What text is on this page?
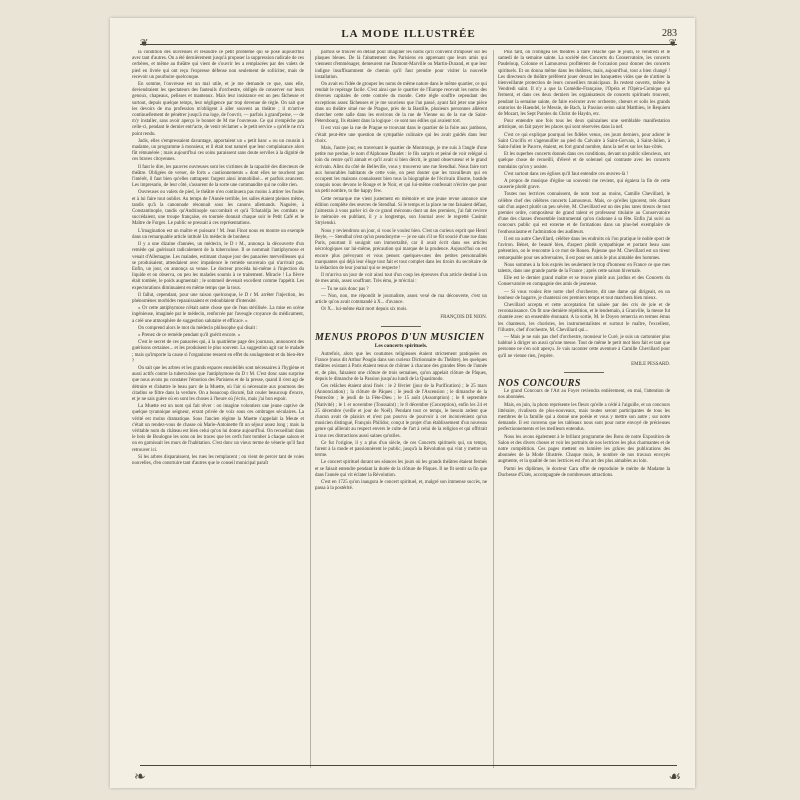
LA MODE ILLUSTRÉE	283
❦	❦

la condition des ouvreuses et résoudre ce petit problème qui se pose aujourd'hui avec tant d'autres. On a été dernièrement jusqu'à proposer la suppression radicale de ces cerbères, et même au théâtre qui vient de s'ouvrir les a remplacées par des valets de pied en livrée qui ont reçu l'expresse défense non seulement de solliciter, mais de recevoir un pourboire quelconque.

En somme, l'ouvreuse est un mal utile, et je me demande ce que, sans elle, deviendraient les spectateurs des fauteuils d'orchestre, obligés de conserver sur leurs genoux, chapeaux, pelisses et manteaux. Mais leur insistance est un peu fâcheuse et surtout, depuis quelque temps, leur négligence par trop devenue de règle. On sait que les devoirs de ma profession m'obligent à aller souvent au théâtre ; il m'arrive continuellement de pénétrer jusqu'à ma loge, de l'ouvrir, — parfois à grand'peine, — de m'y installer, sans avoir aperçu le bonnet de M me l'ouvreuse. Ce qui n'empêche pas celle-ci, pendant le dernier entr'acte, de venir réclamer « le petit service » qu'elle ne m'a point rendu.

Jadis, elles s'empressaient davantage, apportaient un « petit banc » ou un coussin à madame, un programme à monsieur, et il était tout naturel que leur complaisance alors fût rémunérée ; mais aujourd'hui ces soins paraissent sans doute serviles à la dignité de ces braves citoyennes.

Il faut le dire, les pauvres ouvreuses sont les victimes de la rapacité des directeurs de théâtre. Obligées de verser, de forts « cautionnements » dont elles ne touchent pas l'intérêt, il faut bien qu'elles rattrapent l'argent ainsi immobilisé... et parfois avancent. Les impresario, de leur côté, s'assurent de la sorte une commandite qui ne coûte rien.

Ouvreuses ou valets de pied, le théâtre n'en continuera pas moins à attirer les foules et à lui faire tout oublier. Au temps de l'Année terrible, les salles étaient pleines même, tandis qu'à la canonnade résonnait sous les canons allemands. Naguère, à Constantinople, tandis qu'Andrinople succombait et qu'à Tchataldja les combats se succédaient, une troupe française, en tournée donnait chaque soir le Petit Café et le Maître de Forges. Le public se pressait à ces représentations.

L'imagination est un maître et puissant ! M. Jean Finot nous en montre un exemple dans un remarquable article intitulé Un médecin de bonheur.

Il y a une dizaine d'années, un médecin, le D r M., annonça la découverte d'un remède qui guérissait radicalement de la tuberculose. Il se nommait l'antiphymose et venait d'Allemagne. Les malades, estimant chaque jour des panacées merveilleuses qui se produisaient, attendaient avec impatience le remède souverain qui n'arrivait pas. Enfin, un jour, on annonça sa venue. Le docteur procéda lui-même à l'injection du liquide et on observa, on peu les malades soumis à ce traitement. Miracle ! La fièvre était tombée, le poids augmentait ; le sommeil devenait excellent comme l'appétit. Les expectorations diminuaient en même temps que la toux.

Il fallut, cependant, pour une raison quelconque, le D r M. arrêter l'injection, les phénomènes morbides reparaissaient et redoublaient d'intensité.

« Or cette antiphymose n'était autre chose que de l'eau stérilisée. La mise en scène ingénieuse, imaginée par le médecin, renforcée par l'aveugle croyance du médicament, a créé une atmosphère de suggestion salutaire et efficace. »

On comprend alors le mot du médecin philosophe qui disait :

« Prenez de ce remède pendant qu'il guérit encore. »

C'est le secret de ces panacées qui, à la quatrième page des journaux, annoncent des guérisons certaines... et les produisent le plus souvent. La suggestion agit sur le malade ; mais qu'importe la cause si l'organisme ressent en effet du soulagement et du bien-être ?

On sait que les arbres et les grands espaces ensoleillés sont nécessaires à l'hygiène et aussi actifs contre la tuberculose que l'antiphymose du D r M. C'est donc sans surprise que nous avons pu constater l'émotion des Parisiens et de la presse, quand il s'est agi de détruire et d'abattre le beau parc de la Muette, où l'air si nécessaire aux poumons des citadins se filtre dans la verdure. On a beaucoup discuté, fait couler beaucoup d'encre, et je ne sais guère où en sont les choses à l'heure où j'écris, mais j'ai bon espoir.

La Muette est un nom qui fait rêver : on imagine volontiers une jeune captive de quelque tyrannique seigneur, errant privée de voix sous ces ombrages séculaires. La vérité est moins dramatique. Sous l'ancien régime la Muette s'appelait la Meute et c'était un rendez-vous de chasse où Marie-Antoinette fit un séjour assez long ; mais la véritable nom du château est bien celui qu'on lui donne aujourd'hui. On recueillait dans le bois de Boulogne les sons on les traces que les cerfs font tomber à chaque saison et on en garnissait les murs de l'habitation. C'est donc un vieux terme de vénerie qu'il faut retrouver ici.

Si les arbres disparaissent, les rues les remplacent ; on vient de percer tant de voies nouvelles, d'en construire tant d'autres que le conseil municipal paraît

parfois se trouver en défaut pour imaginer les noms qu'il convient d'imposer sur les plaques bleues. De là l'abattement des Parisiens en apprenant que leurs amis qui viennent d'emménager, demeurent rue Dumont-Marville ou Martin-Durand, et que leur indigne insuffisamment de chemin qu'il faut prendre pour visiter la nouvelle installation.

On avait eu l'idée de grouper les noms de même nature dans le même quartier, ce qui rendait le repérage facile. C'est ainsi que le quartier de l'Europe recevait les noms des diverses capitales de cette contrée du monde. Cette règle souffre cependant des exceptions assez fâcheuses et je me souviens que l'an passé, ayant fait jeter une pièce dans un théâtre situé rue de Prague, près de la Bastille, plusieurs personnes allèrent chercher cette salle dans les environs de la rue de Vienne ou de la rue de Saint-Pétersbourg. Ils étaient dans la logique : ce sont nos édiles qui avaient tort.

Il est vrai que la rue de Prague se trouvant dans le quartier de la foire aux jambons, c'était peut-être une question de sympathie culinaire qui les avait guidés dans leur choix.

Mais, l'autre jour, en traversant le quartier de Montrouge, je me suis à l'angle d'une petite rue perdue, le nom d'Alphonse Daudet : le fils surpris et peiné de voir relégué si loin du centre qu'il aimait et qu'il avait si bien décrit, le grand observateur et le grand écrivain. Allez du côté de Belleville, vous y trouverez une rue Stendhal. Nous faire tort aux honorables habitants de cette voie, on peut douter que les travailleurs qui en occupent les maisons connaissent bien tous la biographie de l'écrivain illustre, bastide conquis nous devons le Rouge et le Noir, et qui lui-même confessait n'écrire que pour un petit nombre, to the happy few.

Cette remarque me vient justement en mémoire et une jeune revue annonce une édition complète des œuvres de Stendhal. Si le temps et la place ne me faisaient défaut, j'aimerais à vous parler ici de ce grand méconnu dont un des premiers, j'ai fait revivre le mémoire en publiant, il y a longtemps, son Journal avec le regretté Casimir Stryienski.

Nous y reviendrons un jour, si vous le voulez bien. C'est un curieux esprit que Henri Beyle, — Stendhal n'est qu'un pseudonyme — je ne sais s'il se fût soucié d'une rue dans Paris, pourtant il souignit son immortalité, car il avait écrit dans ses articles nécrologiques sur lui-même, précaution qui marque de la prudence. Aujourd'hui on est encore plus prévoyant et vous pensez quelques-unes des petites personnalités marquantes qui déjà leur éloge tout fait et tout complet dans les tiroirs du secrétaire de la rédaction de leur journal qui se respecte !

Il m'arriva un jour de voir ainsi tout d'un coup les épreuves d'un article destiné à un de mes amis, assez souffrant. Très ému, je m'écriai :

— Tu ne sais donc pas ?

— Non, non, me répondit le journaliste, assez vexé de ma découverte, c'est un article qu'on avait commandé à X... d'avance.

Or X... lui-même était mort depuis six mois.

FRANÇOIS DE NION.
MENUS PROPOS D'UN MUSICIEN
Les concerts spirituels.

Autrefois, alors que les coutumes religieuses étaient strictement pratiquées en France (nous dit Arthur Pougin dans son curieux Dictionnaire du Théâtre), les quelques théâtres existant à Paris étaient tenus de chômer à chacune des grandes fêtes de l'année et, de plus, faisaient une clôture de trois semaines, qu'on appelait clôture de Pâques, depuis le dimanche de la Passion jusqu'au lundi de la Quasimodo.

Ces relâches étaient ainsi fixés : le 2 février (jour de la Purification) ; le 25 mars (Annonciation) ; la clôture de Pâques ; le jeudi de l'Ascension ; le dimanche de la Pentecôte ; le jeudi de la Fête-Dieu ; le 15 août (Assomption) ; le 8 septembre (Nativité) ; le 1 er novembre (Toussaint) ; le 8 décembre (Conception), enfin les 24 et 25 décembre (veille et jour de Noël). Pendant tout ce temps, le besoin ardent que chacun avait de plaisirs et n'est pas pourvu de pourvoir à cet inconvénient qu'un musicien distingué, François Philidor, conçut le projet d'un établissement d'un nouveau genre qui allierait au respect envers le culte de l'art à celui de la religion et qui offrirait à tous ces distractions aussi saines qu'utiles.

Ce fut l'origine, il y a plus d'un siècle, de ces Concerts spirituels qui, un temps, furent à la mode et passionnèrent le public, jusqu'à la Révolution qui vint y mettre un terme.

Le concert spirituel durant ses séances les jours où les grands théâtres étaient fermés et se faisait entendre pendant la durée de la clôture de Pâques. Il ne fit sentir sa fin que dans l'année qui vit éclater la Révolution.

C'est en 1725 qu'on inaugura le concert spirituel, et, malgré son immense succès, ne passa à la postérité.

Plus tard, on n'obligea les théâtres à faire relâche que le jeudi, le vendredi et le samedi de la semaine sainte. La société des Concerts du Conservatoire, les concerts Pasdeloup, Colonne et Lamoureux profitèrent de l'occasion pour donner des concerts spirituels. Et on donna même dans les théâtres, mais, aujourd'hui, tout a bien changé ! Les directeurs de théâtre préfèrent jouer devant les banquettes vides que de n'attirer la bienveillante protection de leurs conseillers municipaux. Ils restent ouverts, même le Vendredi saint. Il n'y a que la Comédie-Française, l'Opéra et l'Opéra-Comique qui ferment, et dans ces deux derniers les organisateurs de concerts spirituels trouvent, pendant la semaine sainte, de faire exécuter avec orchestre, chœurs et solis les grands oratorios de Haendel, le Messie, de Bach, la Passion selon saint Matthieu, le Requiem de Mozart, les Sept Paroles du Christ de Haydn, etc.

Pour entendre une fois tous les deux quinzaines une semblable manifestation artistique, on fait payer les places qui sont réservées dans la nef.

C'est ce qui explique pourquoi les fidèles venus, ces jours derniers, pour adorer le Saint Crucifix et s'agenouiller au pied du Calvaire à Saint-Gervais, à Saint-Julien, à Saint-Julien le Pauvre, étaient, en fort grand nombre, dans la nef et sur les bas-côtés.

Et les superbes concerts donnés dans ces conditions, devant un public silencieux, ont quelque chose de recueilli, d'élevé et de solennel qui contraste avec les concerts mondains qu'on y assiste.

C'est surtout dans ces églises qu'il faut entendre ces œuvres-là !

A propos de musique d'église un souvenir me revient, qui égaiera la fin de cette causerie plutôt grave.

Toutes nos lectrices connaissent, de nom tout au moins, Camille Chevillard, le célèbre chef des célèbres concerts Lamoureux. Mais, ce qu'elles ignorent, très disant sait d'un aspect plutôt un peu sévère, M. Chevillard est un des plus rares tireurs de tout premier ordre, compositeur de grand talent et professeur titulaire au Conservatoire d'une des classes d'ensemble instrumental qu'on s'adonne à sa fête. Enfin j'ai suivi au concours public qui est externe et de formations dans un plus-bel exemplaire de l'enthousiasme et l'admiration des auditeurs.

Il est un autre Chevillard, célèbre dans les endroits où l'on pratique le noble sport de l'aviron. Bénet, de beauté bien, d'aspect plutôt sympathique et portant beau sans prétention, on le rencontre à ce mot de Rouen. Pajeune que M. Chevillard est un tireur remarquable pour ses adversaires, il est pour ses amis le plus aimable des hommes.

Nous sommes à la fois exprès les seulement le trop d'honneur en France ce que mes talents, dans une grande partie de la France ; après cette saison hivernale.

Elle est le dernier grand maître et se trouve plutôt aux jardins et des Concerts du Conservatoire en compagnie des amis de jeunesse.

— Si vous voulez être notre chef d'orchestre, dit une dame qui dirigeait, en un bonheur de bagarre, je chanterai ces premiers temps et tout marchera bien mieux.

Chevillard accepta et cette acceptation fut saluée par des cris de joie et de reconnaissance. On fit une dernière répétition, et le lendemain, à Granville, la messe fut chantée avec un ensemble étonnant. A la sortie, M. le Doyen remercia en termes émus les chanteurs, les choristes, les instrumentalistes et surtout le maître, l'excellent, l'illustre, chef d'orchestre, M. Chevillard qui...

— Mais je ne suis pas chef d'orchestre, monsieur le Curé, je suis un cartonnier plus habitué à diriger un aussi qu'une messe. Tout de même le petit mot bien fait et tant que personne ne s'en soit aperçu. Je vais raconter cette aventure à Camille Chevillard pour qu'il ne vienne rien, j'espère.

EMILE PESSARD.
NOS CONCOURS

Le grand Concours de l'Art au Foyer reviendra entièrement, en mai, l'attention de nos abonnées.

Mais, en juin, la photo représente les fleurs qu'elle a cédé à l'aiguille, et un concours littéraire, rivalisera de plus-nouveaux, mais toutes seront participantes de tous les membres de la famille qui a donné une poésie et vous y mettre son autre ; sur notre demande. Il est convenu que les tableaux nous sont pour notre envoyé de précieuses perfectionnements et les meilleurs entendus.

Nous les avons également à le brillant programme des Bons de notre Exposition de Salon et des divers choses et voir les portraits de nos lectrices les plus charmantes et de notre compétition. Ces pages mettent en lumière les grâces des publications des abonnées de la Mode Illustrée. Chaque mois, le nombre de nos travaux envoyés augmente, et la qualité de nos lectrices est d'un art des plus aimables au loin.

Parmi les diplômes, le docteur Cara offre de reproduire le mérite de Madame la Duchesse d'Uzès, accompagnée de nombreuses attractions.

❧	☙
